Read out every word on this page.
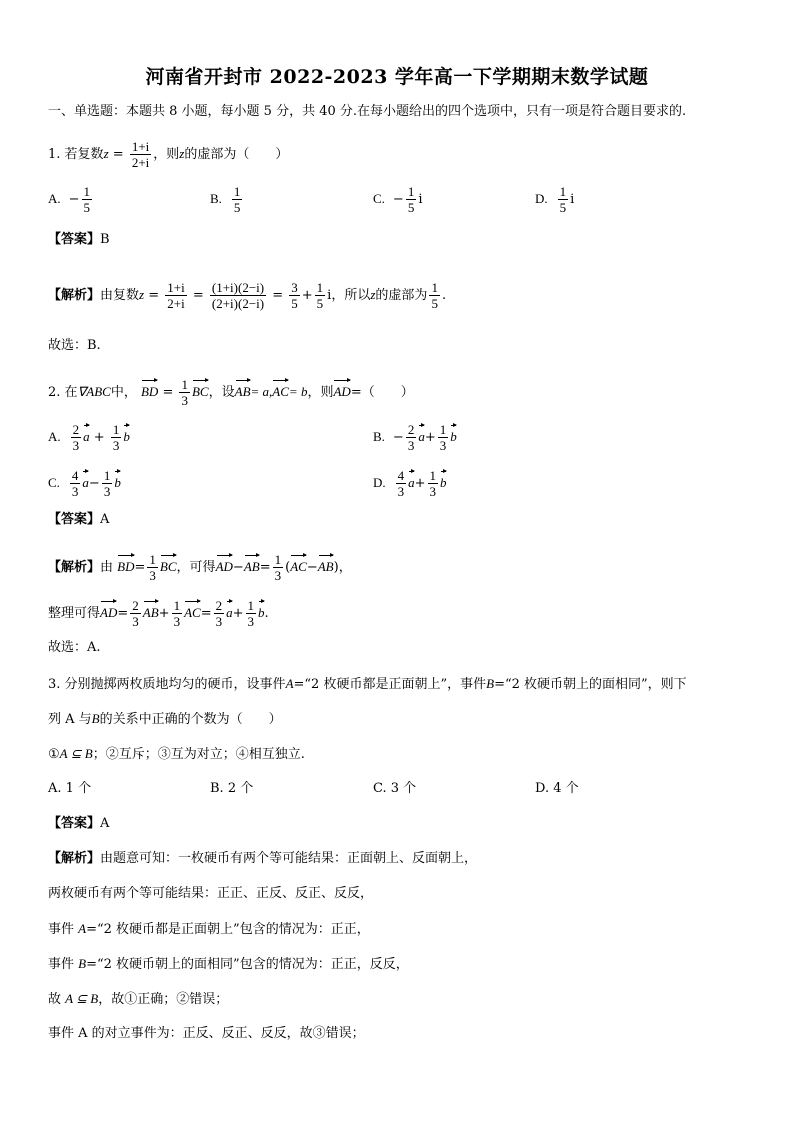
河南省开封市 2022-2023 学年高一下学期期末数学试题
一、单选题：本题共 8 小题，每小题 5 分，共 40 分.在每小题给出的四个选项中，只有一项是符合题目要求的.
1. 若复数$z = \frac{1+i}{2+i}$ ，则z的虚部为（　　）
A. − $\frac{1}{5}$	B. $\frac{1}{5}$	C. − $\frac{1}{5}$ i	D. $\frac{1}{5}$ i
【答案】B
【解析】由复数$z = \frac{1+i}{2+i} = \frac{(1+i)(2-i)}{(2+i)(2-i)} = \frac{3}{5} + \frac{1}{5}$ i，所以z的虚部为 $\frac{1}{5}$ .
故选：B.
2. 在∇ABC中， BD = $\frac{1}{3}$ BC，设AB= a,AC= b，则AD=（　　）
A. $\frac{2}{3}$ $a + \frac{1}{3}$ b	B. − $\frac{2}{3} a+ \frac{1}{3}$ b
C. $\frac{4}{3} a- \frac{1}{3}$ b	D. $\frac{4}{3} a+ \frac{1}{3}$ b
【答案】A
【解析】由 $BD= \frac{1}{3}$ BC，可得$AD-AB= \frac{1}{3} (AC-AB)$，
整理可得$AD= \frac{2}{3} AB+ \frac{1}{3} AC= \frac{2}{3} a+ \frac{1}{3} b$.
故选：A.
3. 分别抛掷两枚质地均匀的硬币，设事件A=“2 枚硬币都是正面朝上”，事件B=“2 枚硬币朝上的面相同”，则下
列 A 与B的关系中正确的个数为（　　）
①A ⊆ B；②互斥；③互为对立；④相互独立.
A. 1 个	B. 2 个	C. 3 个	D. 4 个
【答案】A
【解析】由题意可知：一枚硬币有两个等可能结果：正面朝上、反面朝上，
两枚硬币有两个等可能结果：正正、正反、反正、反反，
事件 A=“2 枚硬币都是正面朝上”包含的情况为：正正，
事件 B=“2 枚硬币朝上的面相同”包含的情况为：正正，反反，
故 A ⊆ B，故①正确；②错误；
事件 A 的对立事件为：正反、反正、反反，故③错误；
